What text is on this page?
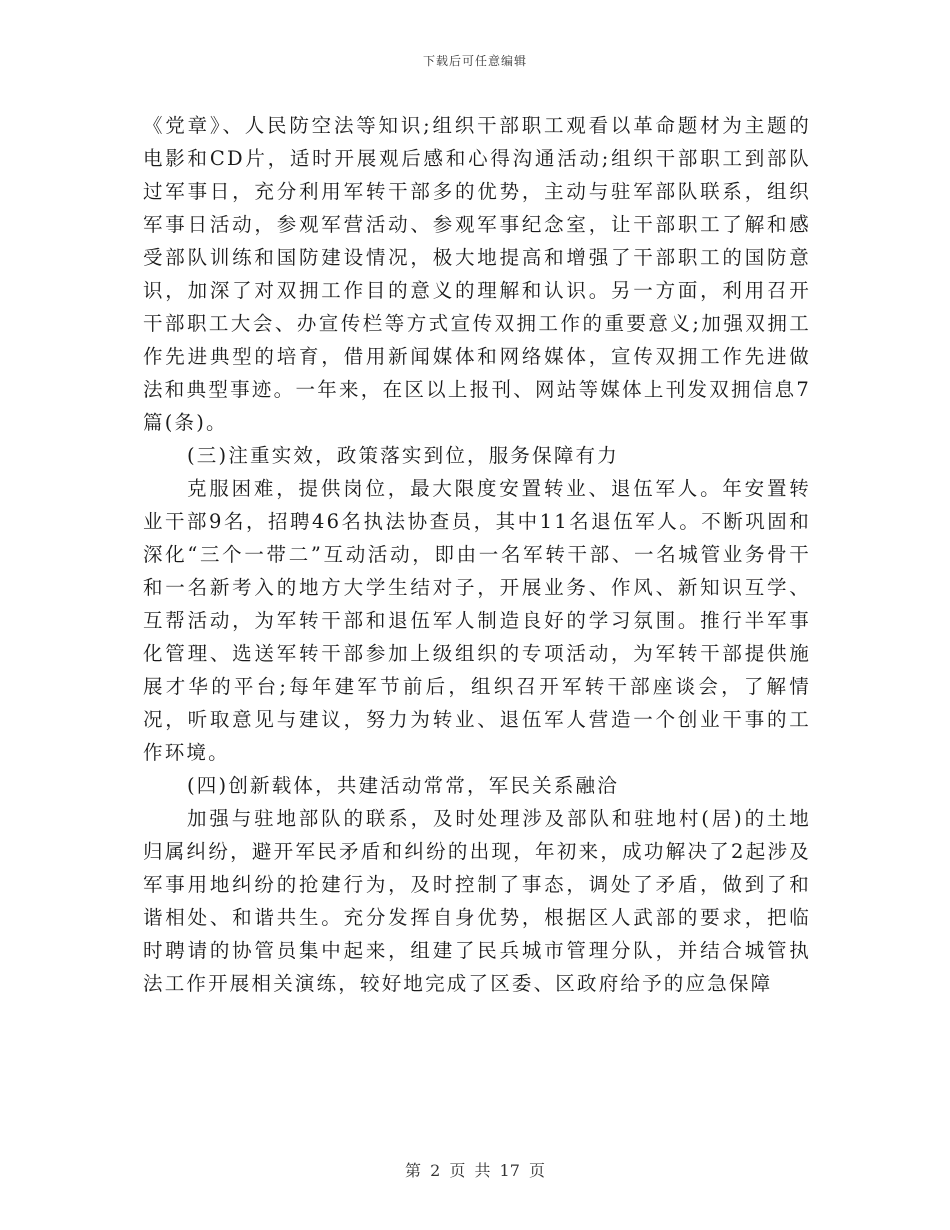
下载后可任意编辑

《党章》、人民防空法等知识;组织干部职工观看以革命题材为主题的电影和CD片，适时开展观后感和心得沟通活动;组织干部职工到部队过军事日，充分利用军转干部多的优势，主动与驻军部队联系，组织军事日活动，参观军营活动、参观军事纪念室，让干部职工了解和感受部队训练和国防建设情况，极大地提高和增强了干部职工的国防意识，加深了对双拥工作目的意义的理解和认识。另一方面，利用召开干部职工大会、办宣传栏等方式宣传双拥工作的重要意义;加强双拥工作先进典型的培育，借用新闻媒体和网络媒体，宣传双拥工作先进做法和典型事迹。一年来，在区以上报刊、网站等媒体上刊发双拥信息7篇(条)。

(三)注重实效，政策落实到位，服务保障有力

克服困难，提供岗位，最大限度安置转业、退伍军人。年安置转业干部9名，招聘46名执法协查员，其中11名退伍军人。不断巩固和深化“三个一带二”互动活动，即由一名军转干部、一名城管业务骨干和一名新考入的地方大学生结对子，开展业务、作风、新知识互学、互帮活动，为军转干部和退伍军人制造良好的学习氛围。推行半军事化管理、选送军转干部参加上级组织的专项活动，为军转干部提供施展才华的平台;每年建军节前后，组织召开军转干部座谈会，了解情况，听取意见与建议，努力为转业、退伍军人营造一个创业干事的工作环境。

(四)创新载体，共建活动常常，军民关系融洽

加强与驻地部队的联系，及时处理涉及部队和驻地村(居)的土地归属纠纷，避开军民矛盾和纠纷的出现，年初来，成功解决了2起涉及军事用地纠纷的抢建行为，及时控制了事态，调处了矛盾，做到了和谐相处、和谐共生。充分发挥自身优势，根据区人武部的要求，把临时聘请的协管员集中起来，组建了民兵城市管理分队，并结合城管执法工作开展相关演练，较好地完成了区委、区政府给予的应急保障

第 2 页 共 17 页
